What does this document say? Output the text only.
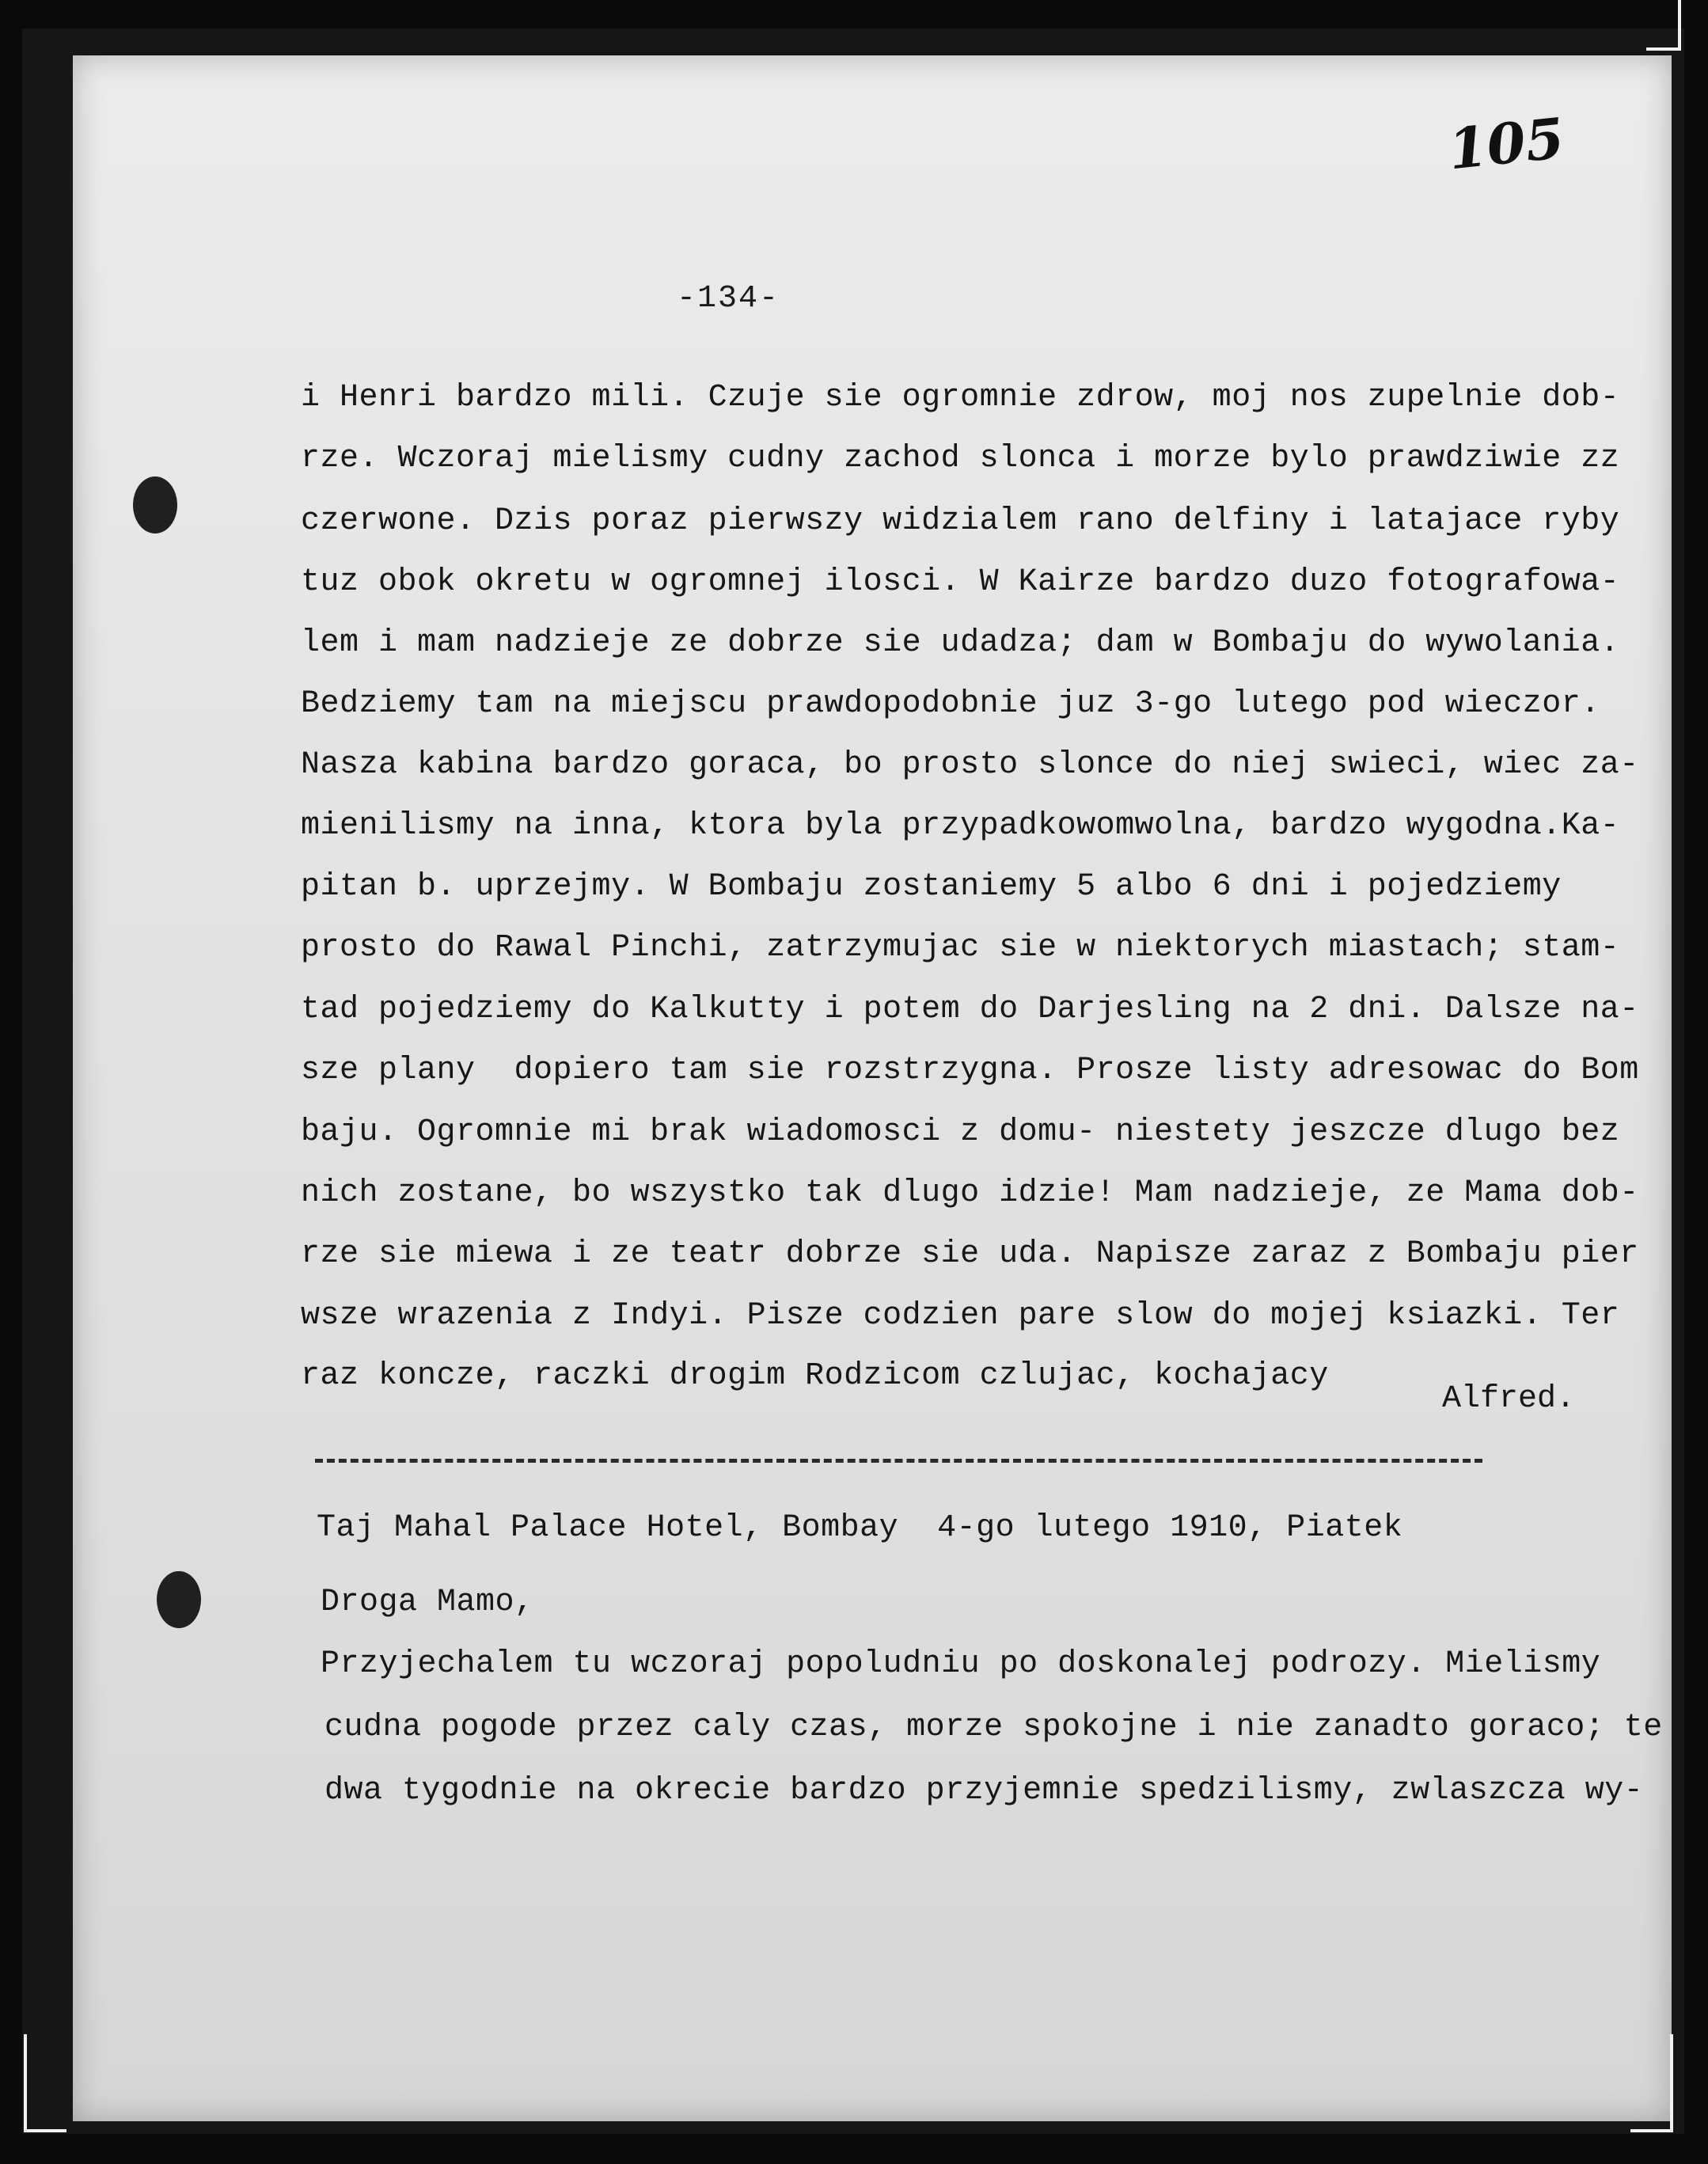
105
-134-
i Henri bardzo mili. Czuje sie ogromnie zdrow, moj nos zupelnie dob-
rze. Wczoraj mielismy cudny zachod slonca i morze bylo prawdziwie zz
czerwone. Dzis poraz pierwszy widzialem rano delfiny i latajace ryby
tuz obok okretu w ogromnej ilosci. W Kairze bardzo duzo fotografowa-
lem i mam nadzieje ze dobrze sie udadza; dam w Bombaju do wywolania.
Bedziemy tam na miejscu prawdopodobnie juz 3-go lutego pod wieczor.
Nasza kabina bardzo goraca, bo prosto slonce do niej swieci, wiec za-
mienilismy na inna, ktora byla przypadkowomwolna, bardzo wygodna.Ka-
pitan b. uprzejmy. W Bombaju zostaniemy 5 albo 6 dni i pojedziemy
prosto do Rawal Pinchi, zatrzymujac sie w niektorych miastach; stam-
tad pojedziemy do Kalkutty i potem do Darjesling na 2 dni. Dalsze na-
sze plany  dopiero tam sie rozstrzygna. Prosze listy adresowac do Bom
baju. Ogromnie mi brak wiadomosci z domu- niestety jeszcze dlugo bez
nich zostane, bo wszystko tak dlugo idzie! Mam nadzieje, ze Mama dob-
rze sie miewa i ze teatr dobrze sie uda. Napisze zaraz z Bombaju pier
wsze wrazenia z Indyi. Pisze codzien pare slow do mojej ksiazki. Ter
raz koncze, raczki drogim Rodzicom czlujac, kochajacy
Alfred.
Taj Mahal Palace Hotel, Bombay  4-go lutego 1910, Piatek
Droga Mamo,
Przyjechalem tu wczoraj popoludniu po doskonalej podrozy. Mielismy
cudna pogode przez caly czas, morze spokojne i nie zanadto goraco; te
dwa tygodnie na okrecie bardzo przyjemnie spedzilismy, zwlaszcza wy-
